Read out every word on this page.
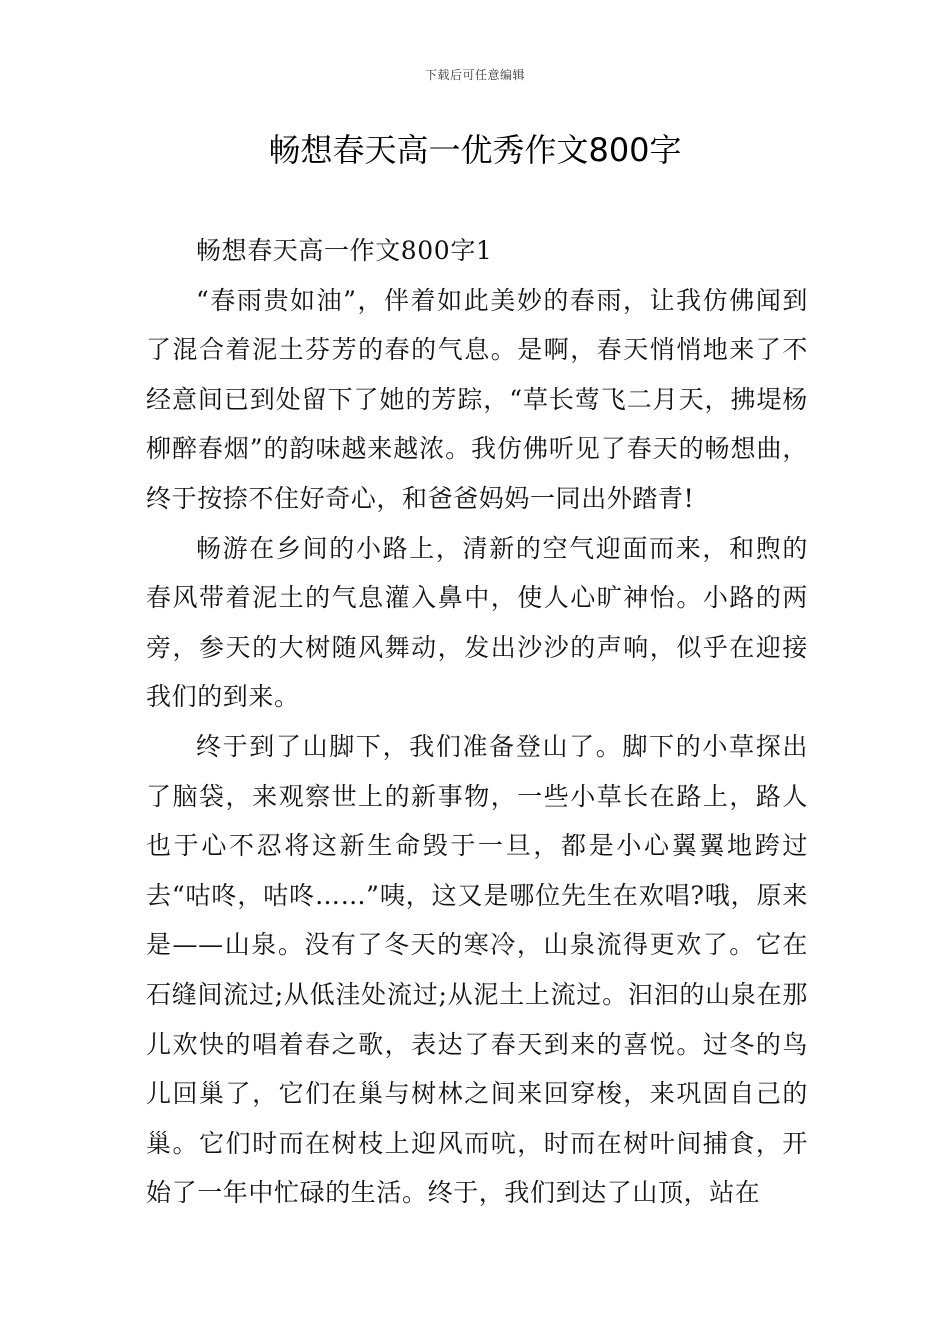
下载后可任意编辑
畅想春天高一优秀作文800字

畅想春天高一作文800字1

“春雨贵如油”，伴着如此美妙的春雨，让我仿佛闻到了混合着泥土芬芳的春的气息。是啊，春天悄悄地来了不经意间已到处留下了她的芳踪，“草长莺飞二月天，拂堤杨柳醉春烟”的韵味越来越浓。我仿佛听见了春天的畅想曲，终于按捺不住好奇心，和爸爸妈妈一同出外踏青!

畅游在乡间的小路上，清新的空气迎面而来，和煦的春风带着泥土的气息灌入鼻中，使人心旷神怡。小路的两旁，参天的大树随风舞动，发出沙沙的声响，似乎在迎接我们的到来。

终于到了山脚下，我们准备登山了。脚下的小草探出了脑袋，来观察世上的新事物，一些小草长在路上，路人也于心不忍将这新生命毁于一旦，都是小心翼翼地跨过去“咕咚，咕咚……”咦，这又是哪位先生在欢唱?哦，原来是——山泉。没有了冬天的寒冷，山泉流得更欢了。它在石缝间流过;从低洼处流过;从泥土上流过。汩汩的山泉在那儿欢快的唱着春之歌，表达了春天到来的喜悦。过冬的鸟儿回巢了，它们在巢与树林之间来回穿梭，来巩固自己的巢。它们时而在树枝上迎风而吭，时而在树叶间捕食，开始了一年中忙碌的生活。终于，我们到达了山顶，站在
